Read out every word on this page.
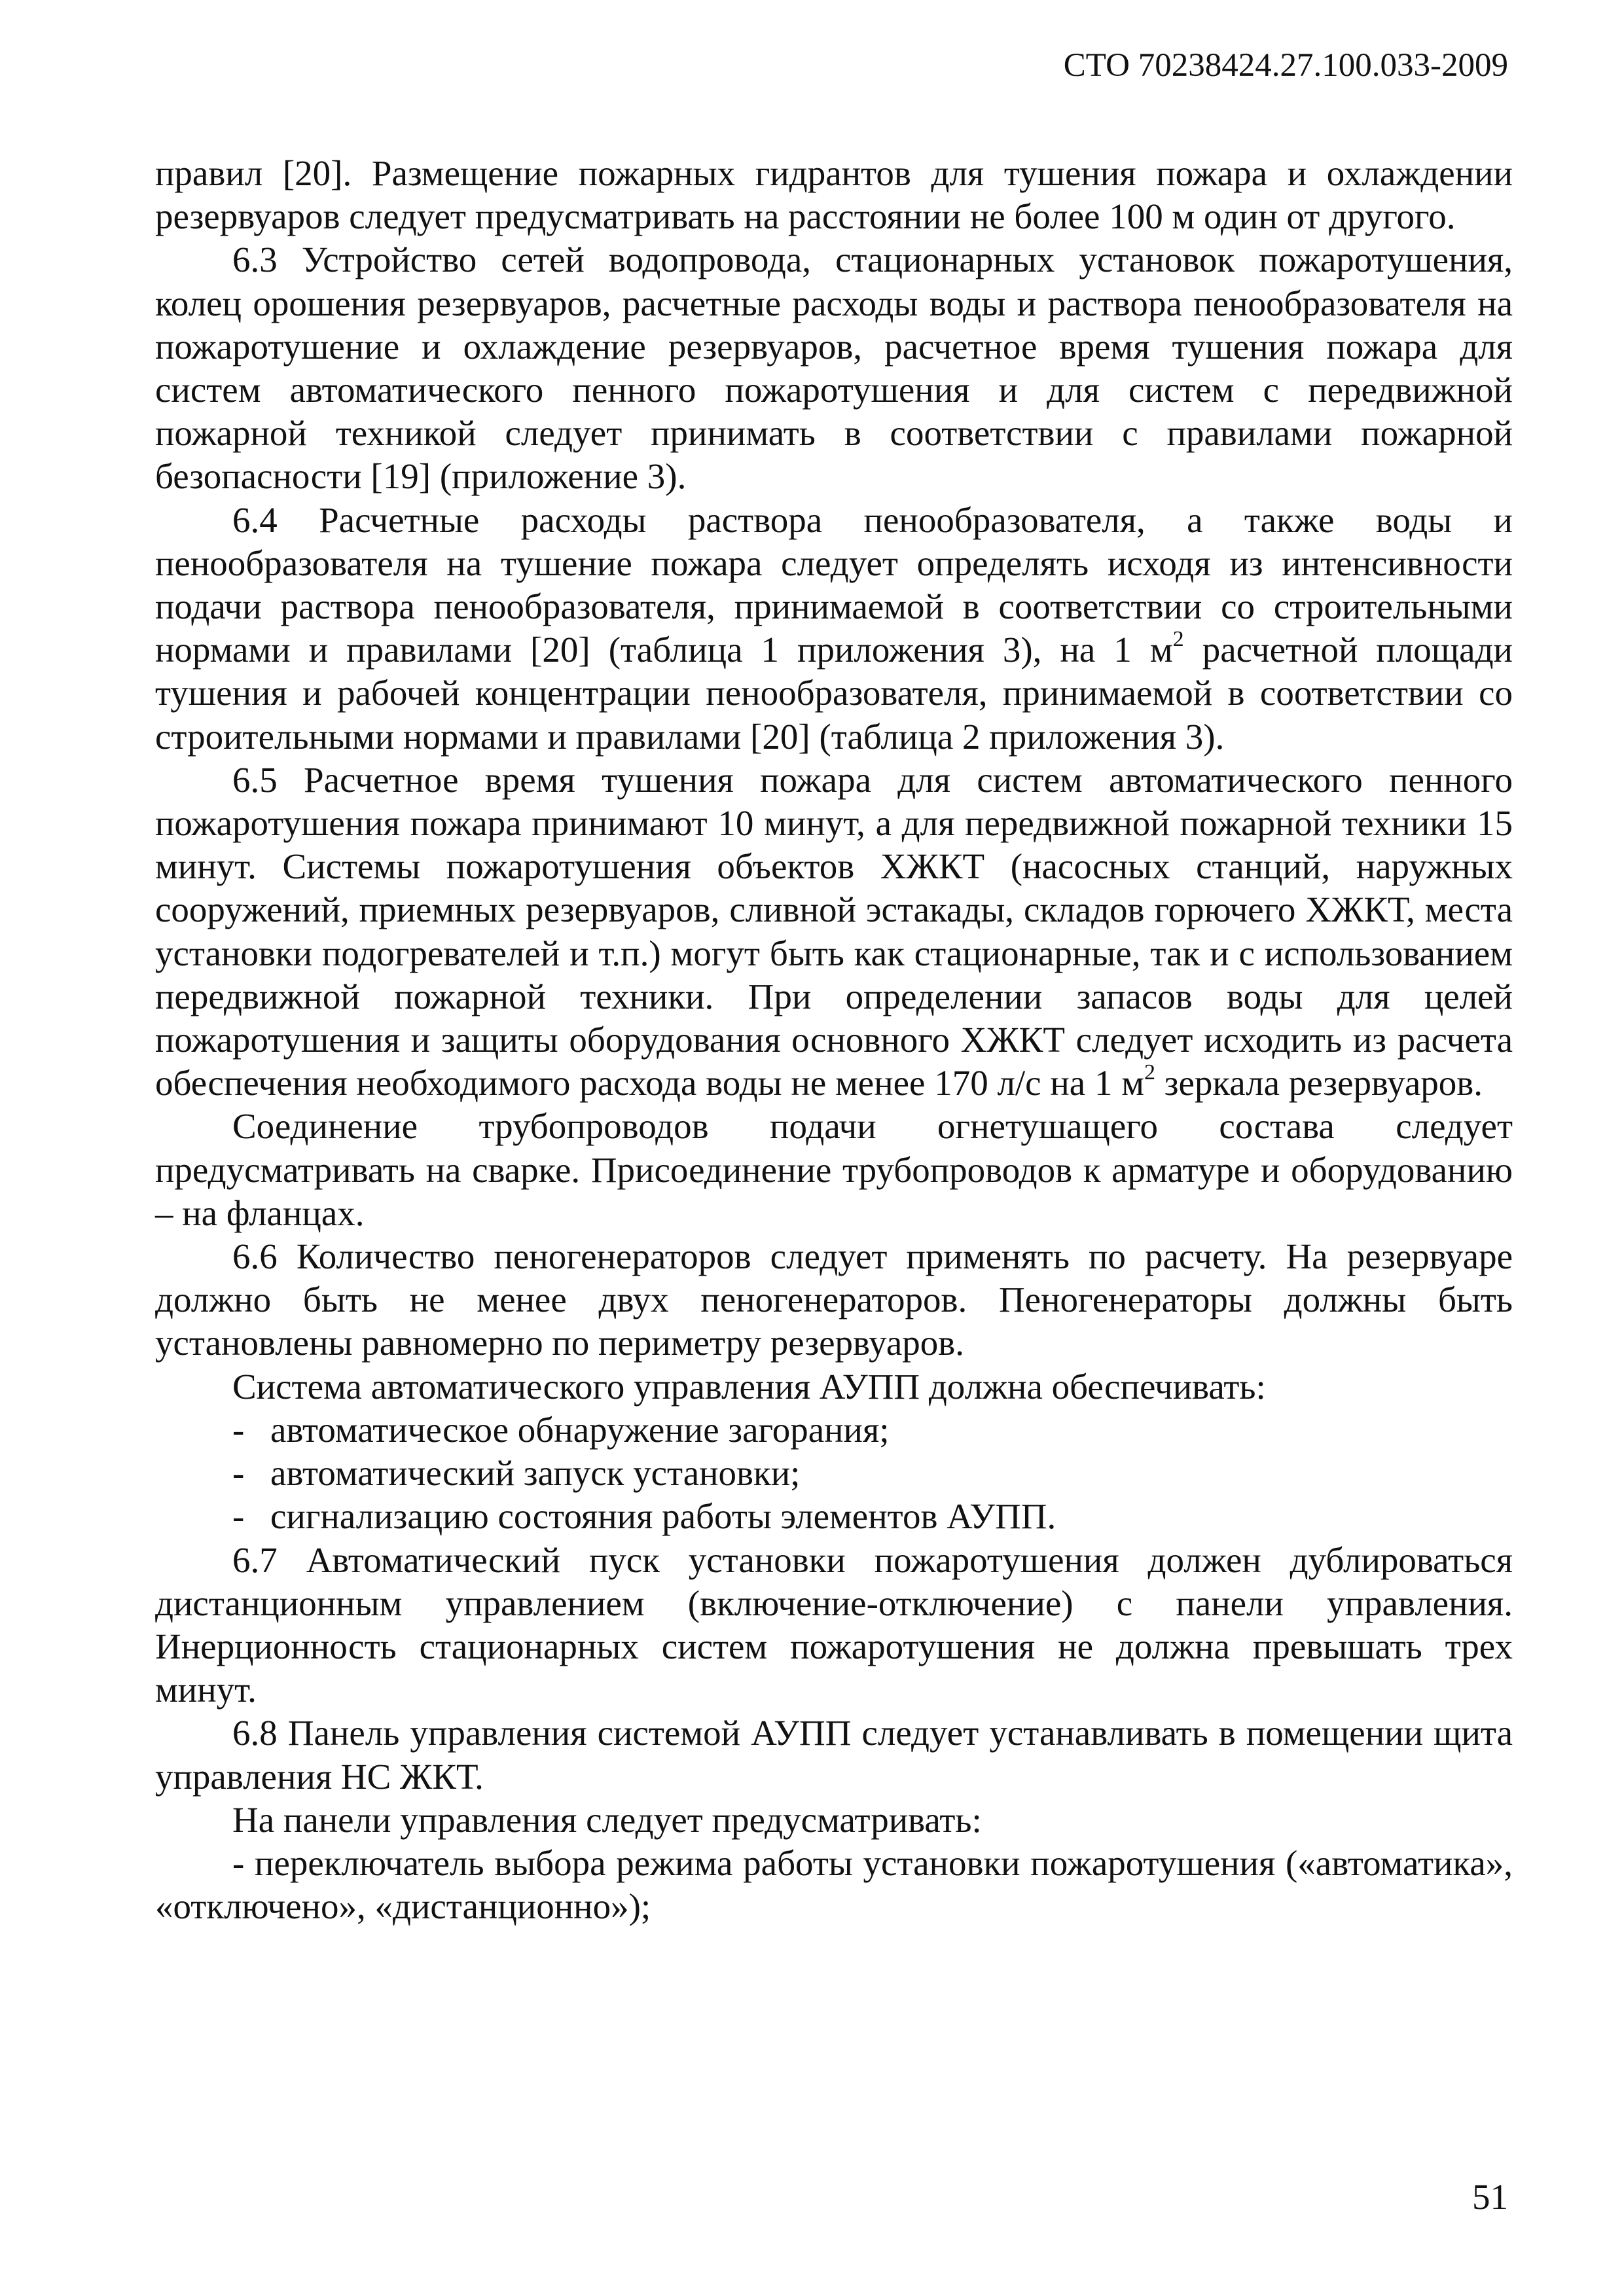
СТО 70238424.27.100.033-2009

правил [20]. Размещение пожарных гидрантов для тушения пожара и охлаждении резервуаров следует предусматривать на расстоянии не более 100 м один от другого.

6.3 Устройство сетей водопровода, стационарных установок пожаротушения, колец орошения резервуаров, расчетные расходы воды и раствора пенообразователя на пожаротушение и охлаждение резервуаров, расчетное время тушения пожара для систем автоматического пенного пожаротушения и для систем с передвижной пожарной техникой следует принимать в соответствии с правилами пожарной безопасности [19] (приложение 3).

6.4 Расчетные расходы раствора пенообразователя, а также воды и пенообразователя на тушение пожара следует определять исходя из интенсивности подачи раствора пенообразователя, принимаемой в соответствии со строительными нормами и правилами [20] (таблица 1 приложения 3), на 1 $м^2$ расчетной площади тушения и рабочей концентрации пенообразователя, принимаемой в соответствии со строительными нормами и правилами [20] (таблица 2 приложения 3).

6.5 Расчетное время тушения пожара для систем автоматического пенного пожаротушения пожара принимают 10 минут, а для передвижной пожарной техники 15 минут. Системы пожаротушения объектов ХЖКТ (насосных станций, наружных сооружений, приемных резервуаров, сливной эстакады, складов горючего ХЖКТ, места установки подогревателей и т.п.) могут быть как стационарные, так и с использованием передвижной пожарной техники. При определении запасов воды для целей пожаротушения и защиты оборудования основного ХЖКТ следует исходить из расчета обеспечения необходимого расхода воды не менее 170 л/с на 1 $м^2$ зеркала резервуаров.

Соединение трубопроводов подачи огнетушащего состава следует предусматривать на сварке. Присоединение трубопроводов к арматуре и оборудованию – на фланцах.

6.6 Количество пеногенераторов следует применять по расчету. На резервуаре должно быть не менее двух пеногенераторов. Пеногенераторы должны быть установлены равномерно по периметру резервуаров.

Система автоматического управления АУПП должна обеспечивать:

- автоматическое обнаружение загорания;
- автоматический запуск установки;
- сигнализацию состояния работы элементов АУПП.

6.7 Автоматический пуск установки пожаротушения должен дублироваться дистанционным управлением (включение-отключение) с панели управления. Инерционность стационарных систем пожаротушения не должна превышать трех минут.

6.8 Панель управления системой АУПП следует устанавливать в помещении щита управления НС ЖКТ.

На панели управления следует предусматривать:

- переключатель выбора режима работы установки пожаротушения («автоматика», «отключено», «дистанционно»);

51
